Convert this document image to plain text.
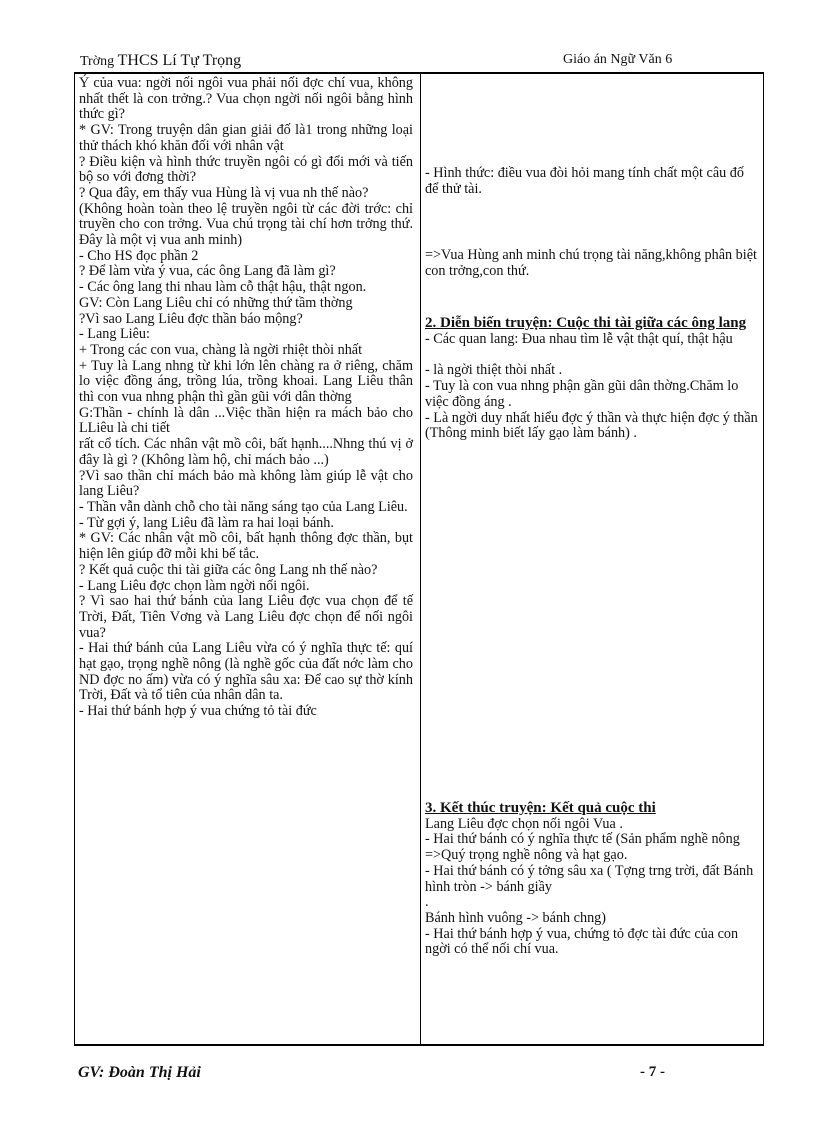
Trờng THCS Lí Tự Trọng	Giáo án Ngữ Văn 6

Ý của vua: ngời nối ngôi vua phải nối đợc chí vua, không nhất thết là con trởng.? Vua chọn ngời nối ngôi bằng hình thức gì?

* GV: Trong truyện dân gian giải đố là1 trong những loại thử thách khó khăn đối với nhân vật

? Điều kiện và hình thức truyền ngôi có gì đổi mới và tiến bộ so với đơng thời?

? Qua đây, em thấy vua Hùng là vị vua nh thế nào?

(Không hoàn toàn theo lệ truyền ngôi từ các đời trớc: chỉ truyền cho con trởng. Vua chú trọng tài chí hơn trởng thứ. Đây là một vị vua anh minh)

- Cho HS đọc phần 2

? Để làm vừa ý vua, các ông Lang đã làm gì?

- Các ông lang thi nhau làm cỗ thật hậu, thật ngon.

GV: Còn Lang Liêu chỉ có những thứ tầm thờng

?Vì sao Lang Liêu đợc thần báo mộng?

- Lang Liêu:

+ Trong các con vua, chàng là ngời rhiệt thòi nhất

+ Tuy là Lang nhng từ khi lớn lên chàng ra ở riêng, chăm lo việc đồng áng, trồng lúa, trồng khoai. Lang Liêu thân thì con vua nhng phận thì gần gũi với dân thờng

G:Thần - chính là dân ...Việc thần hiện ra mách bảo cho LLiêu là chi tiết

rất cổ tích. Các nhân vật mồ côi, bất hạnh....Nhng thú vị ở đây là gì ? (Không làm hộ, chỉ mách bảo ...)

?Vì sao thần chỉ mách bảo mà không làm giúp lễ vật cho lang Liêu?

- Thần vẫn dành chỗ cho tài năng sáng tạo của Lang Liêu.

- Từ gợi ý, lang Liêu đã làm ra hai loại bánh.

* GV: Các nhân vật mồ côi, bất hạnh thông đợc thần, bụt hiện lên giúp đỡ mỗi khi bế tắc.

? Kết quả cuộc thi tài giữa các ông Lang nh thế nào?

- Lang Liêu đợc chọn làm ngời nối ngôi.

? Vì sao hai thứ bánh của lang Liêu đợc vua chọn để tế Trời, Đất, Tiên Vơng và Lang Liêu đợc chọn để nối ngôi vua?

- Hai thứ bánh của Lang Liêu vừa có ý nghĩa thực tế: quí hạt gạo, trọng nghề nông (là nghề gốc của đất nớc làm cho ND đợc no ấm) vừa có ý nghĩa sâu xa: Để cao sự thờ kính Trời, Đất và tổ tiên của nhân dân ta.

- Hai thứ bánh hợp ý vua chứng tỏ tài đức

- Hình thức: điều vua đòi hỏi mang tính chất một câu đố để thử tài.

=>Vua Hùng anh minh chú trọng tài năng,không phân biệt con trởng,con thứ.

2. Diễn biến truyện: Cuộc thi tài giữa các ông lang

- Các quan lang: Đua nhau tìm lễ vật thật quí, thật hậu

- là ngời thiệt thòi nhất .

- Tuy là con vua nhng phận gần gũi dân thờng.Chăm lo việc đồng áng .

- Là ngời duy nhất hiểu đợc ý thần và thực hiện đợc ý thần (Thông minh biết lấy gạo làm bánh) .

3. Kết thúc truyện: Kết quả cuộc thi

Lang Liêu đợc chọn nối ngôi Vua .

- Hai thứ bánh có ý nghĩa thực tế (Sản phẩm nghề nông =>Quý trọng nghề nông và hạt gạo.

- Hai thứ bánh có ý tởng sâu xa ( Tợng trng trời, đất Bánh hình tròn -> bánh giầy

.

Bánh hình vuông -> bánh chng)

- Hai thứ bánh hợp ý vua, chứng tỏ đợc tài đức của con ngời có thể nối chí vua.

GV: Đoàn Thị Hải	- 7 -
